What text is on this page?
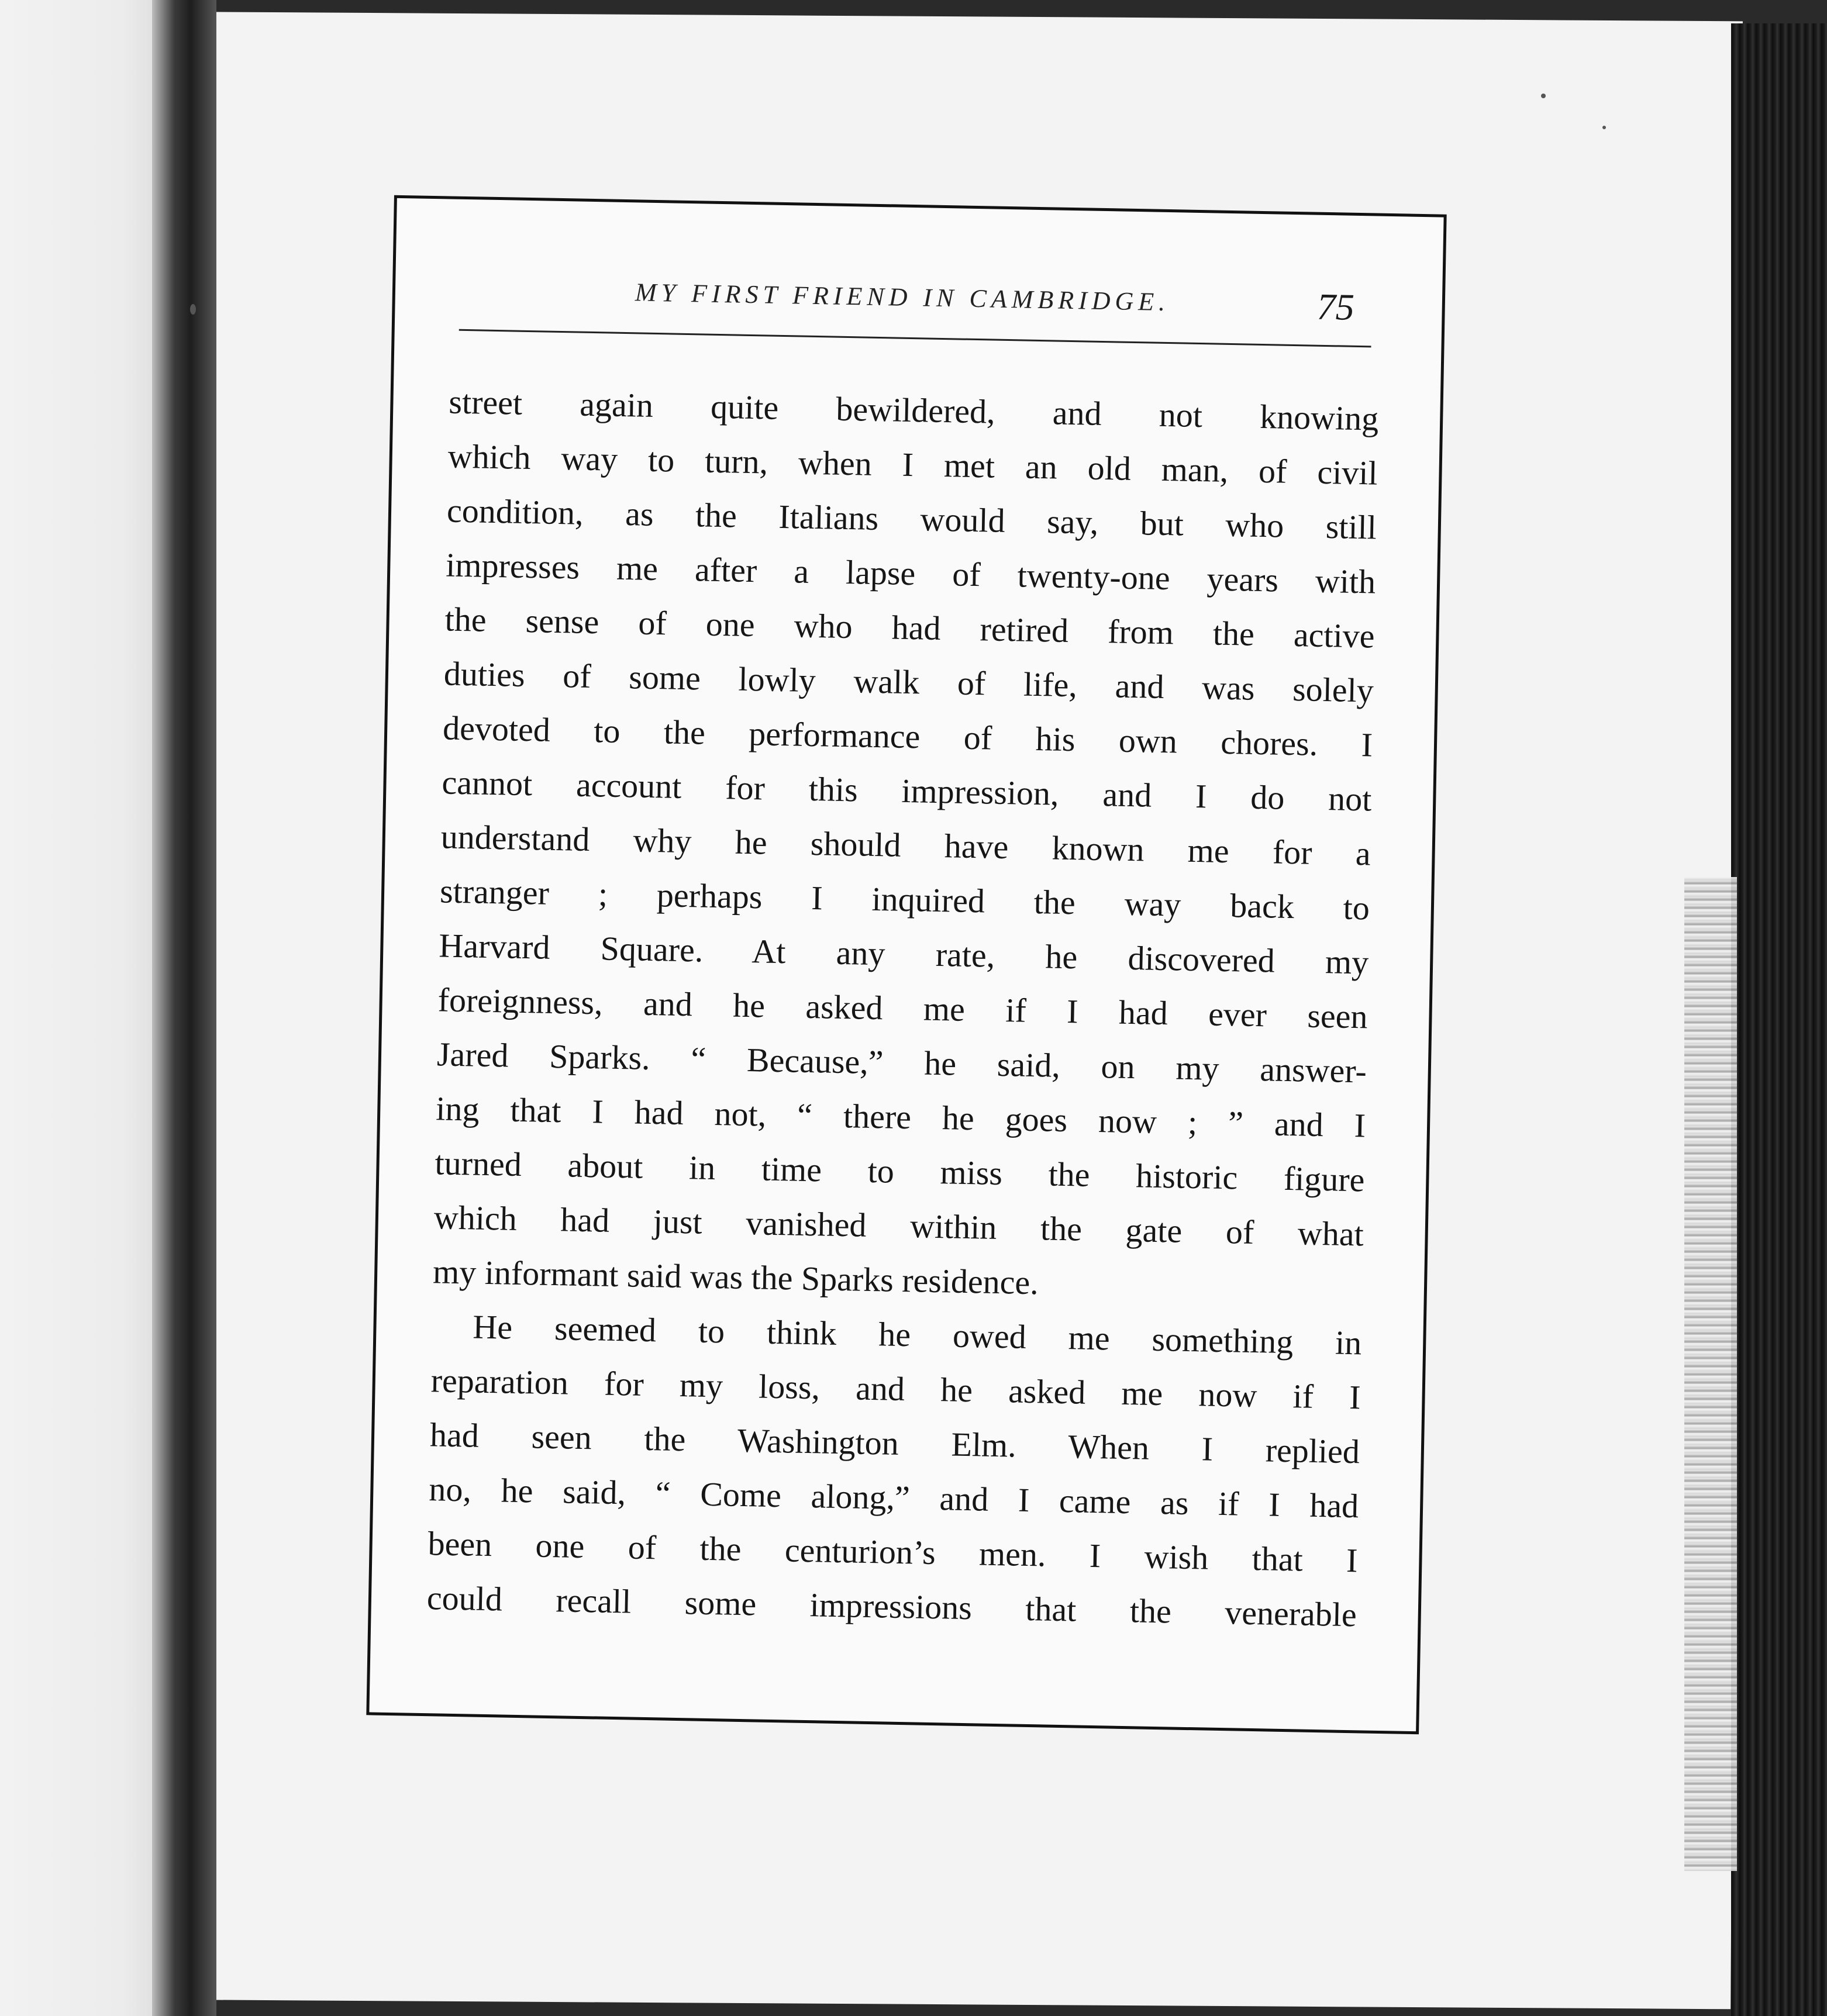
MY FIRST FRIEND IN CAMBRIDGE.	75
street again quite bewildered, and not knowing
which way to turn, when I met an old man, of civil
condition, as the Italians would say, but who still
impresses me after a lapse of twenty-one years with
the sense of one who had retired from the active
duties of some lowly walk of life, and was solely
devoted to the performance of his own chores. I
cannot account for this impression, and I do not
understand why he should have known me for a
stranger ; perhaps I inquired the way back to
Harvard Square. At any rate, he discovered my
foreignness, and he asked me if I had ever seen
Jared Sparks. “ Because,” he said, on my answer-
ing that I had not, “ there he goes now ; ” and I
turned about in time to miss the historic figure
which had just vanished within the gate of what
my informant said was the Sparks residence.
He seemed to think he owed me something in
reparation for my loss, and he asked me now if I
had seen the Washington Elm. When I replied
no, he said, “ Come along,” and I came as if I had
been one of the centurion’s men. I wish that I
could recall some impressions that the venerable
